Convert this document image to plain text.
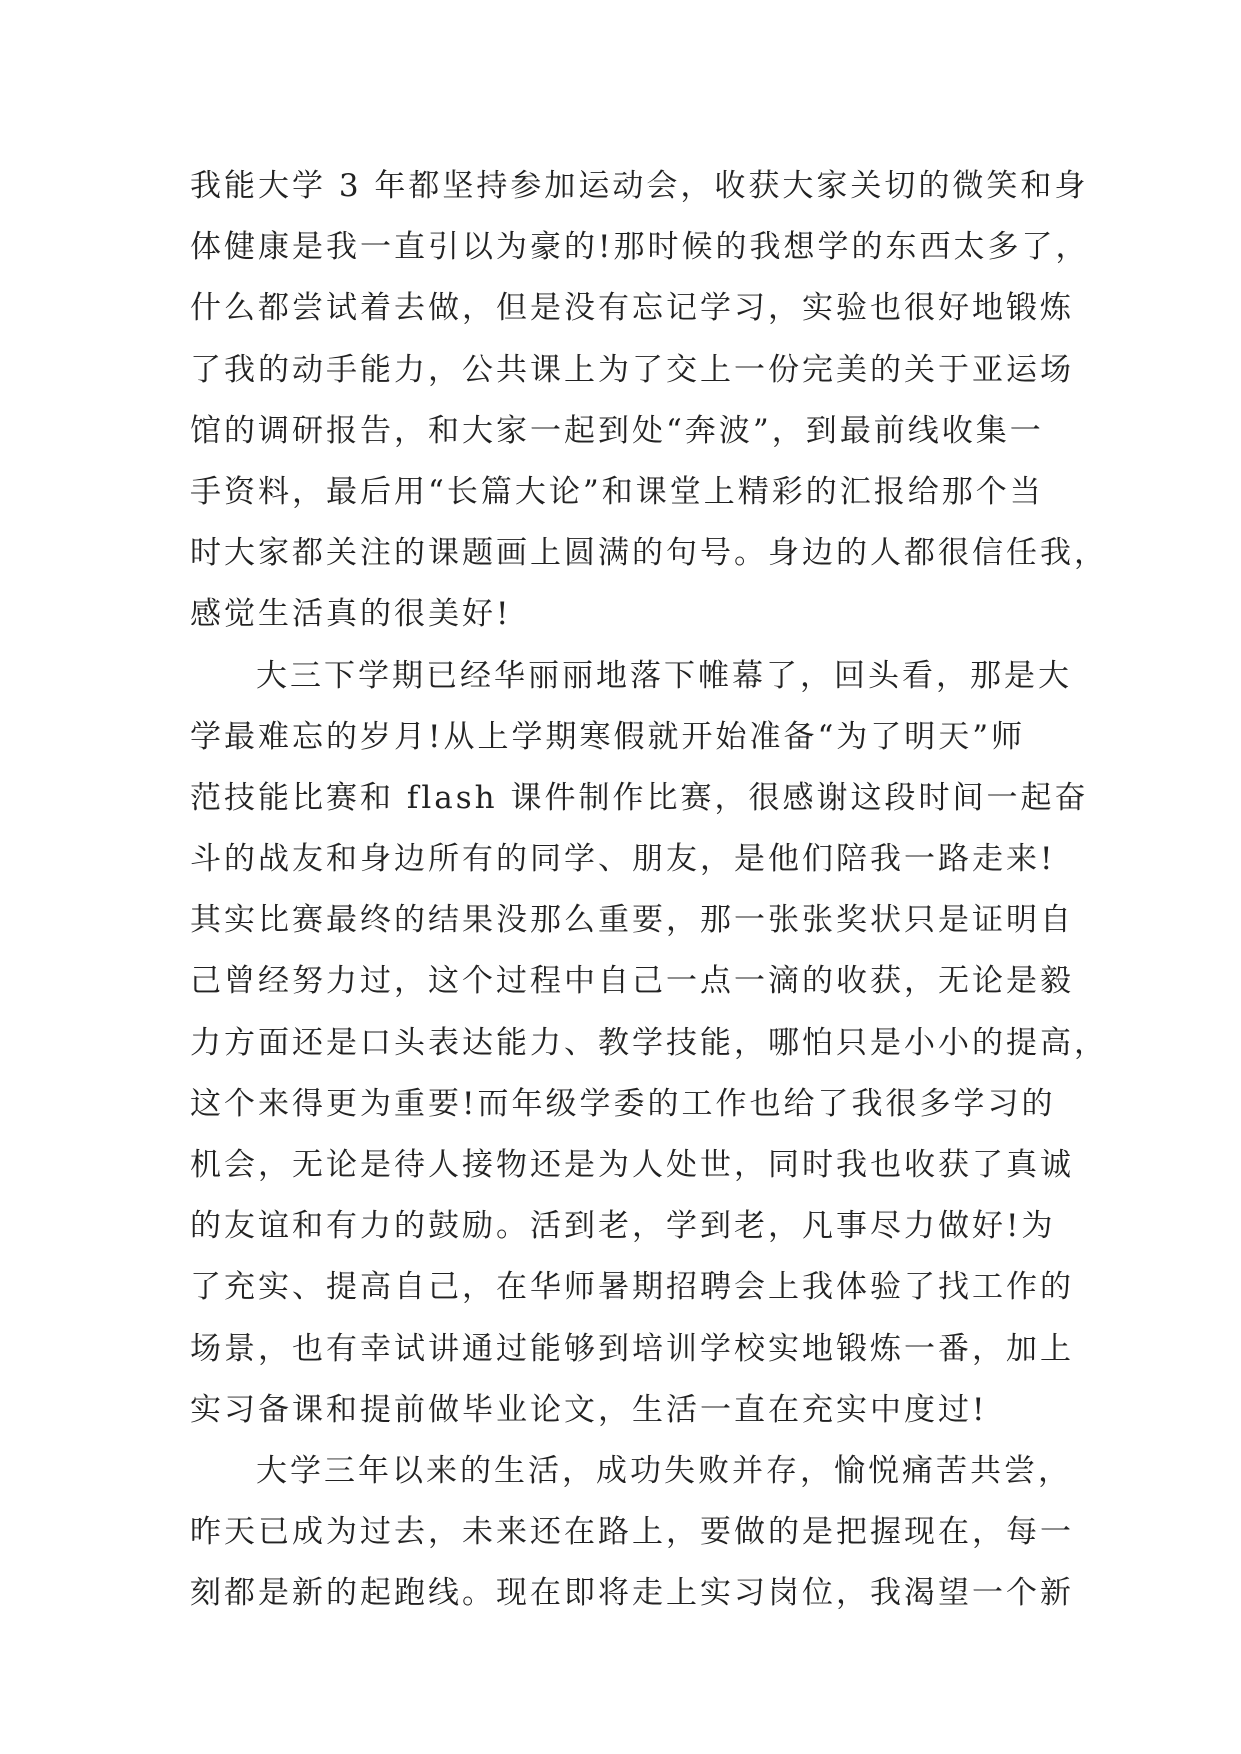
我能大学 3 年都坚持参加运动会，收获大家关切的微笑和身
体健康是我一直引以为豪的!那时候的我想学的东西太多了，
什么都尝试着去做，但是没有忘记学习，实验也很好地锻炼
了我的动手能力，公共课上为了交上一份完美的关于亚运场
馆的调研报告，和大家一起到处“奔波”，到最前线收集一
手资料，最后用“长篇大论”和课堂上精彩的汇报给那个当
时大家都关注的课题画上圆满的句号。身边的人都很信任我，
感觉生活真的很美好!
大三下学期已经华丽丽地落下帷幕了，回头看，那是大
学最难忘的岁月!从上学期寒假就开始准备“为了明天”师
范技能比赛和 flash 课件制作比赛，很感谢这段时间一起奋
斗的战友和身边所有的同学、朋友，是他们陪我一路走来!
其实比赛最终的结果没那么重要，那一张张奖状只是证明自
己曾经努力过，这个过程中自己一点一滴的收获，无论是毅
力方面还是口头表达能力、教学技能，哪怕只是小小的提高，
这个来得更为重要!而年级学委的工作也给了我很多学习的
机会，无论是待人接物还是为人处世，同时我也收获了真诚
的友谊和有力的鼓励。活到老，学到老，凡事尽力做好!为
了充实、提高自己，在华师暑期招聘会上我体验了找工作的
场景，也有幸试讲通过能够到培训学校实地锻炼一番，加上
实习备课和提前做毕业论文，生活一直在充实中度过!
大学三年以来的生活，成功失败并存，愉悦痛苦共尝，
昨天已成为过去，未来还在路上，要做的是把握现在，每一
刻都是新的起跑线。现在即将走上实习岗位，我渴望一个新
